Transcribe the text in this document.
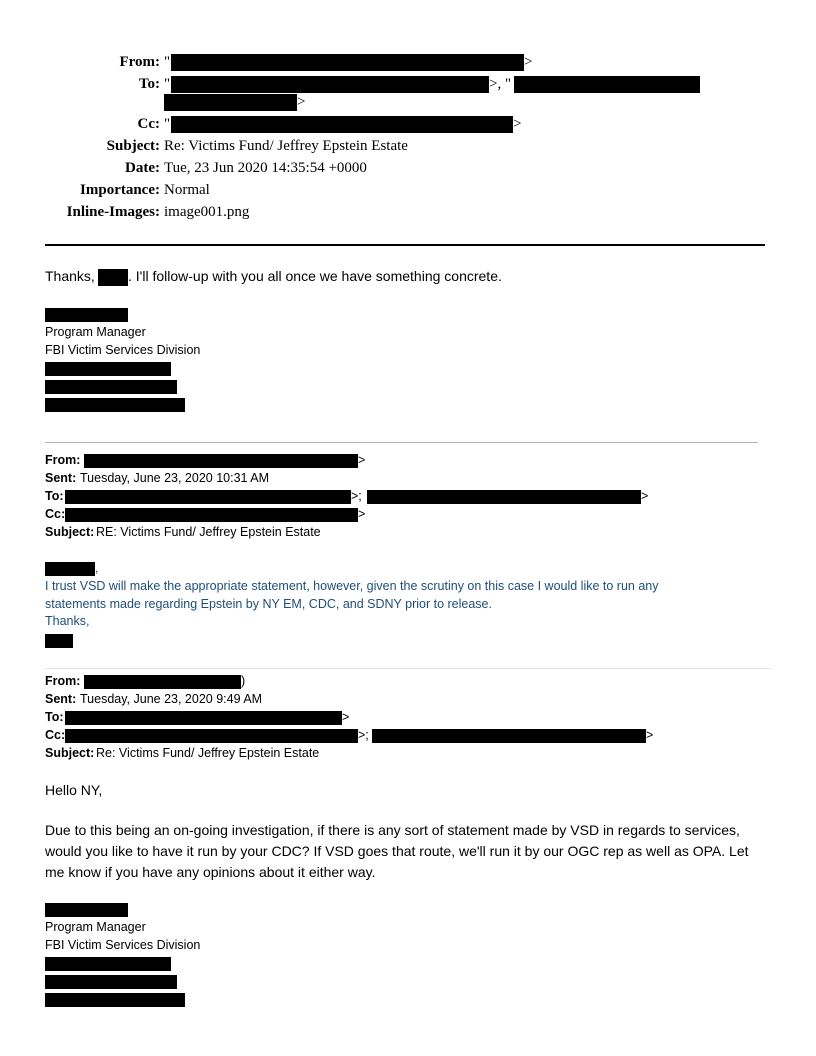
From: "	>
To: "	>, "
>
Cc: "	>
Subject: Re: Victims Fund/ Jeffrey Epstein Estate
Date: Tue, 23 Jun 2020 14:35:54 +0000
Importance: Normal
Inline-Images: image001.png
Thanks, . I'll follow-up with you all once we have something concrete.
Program Manager
FBI Victim Services Division
From:	>
Sent: Tuesday, June 23, 2020 10:31 AM
To:	>;	>
Cc:	>
Subject: RE: Victims Fund/ Jeffrey Epstein Estate
,
I trust VSD will make the appropriate statement, however, given the scrutiny on this case I would like to run any
statements made regarding Epstein by NY EM, CDC, and SDNY prior to release.
Thanks,
From:	)
Sent: Tuesday, June 23, 2020 9:49 AM
To:	>
Cc:	>;	>
Subject: Re: Victims Fund/ Jeffrey Epstein Estate
Hello NY,
Due to this being an on-going investigation, if there is any sort of statement made by VSD in regards to services,
would you like to have it run by your CDC? If VSD goes that route, we'll run it by our OGC rep as well as OPA. Let
me know if you have any opinions about it either way.
Program Manager
FBI Victim Services Division
